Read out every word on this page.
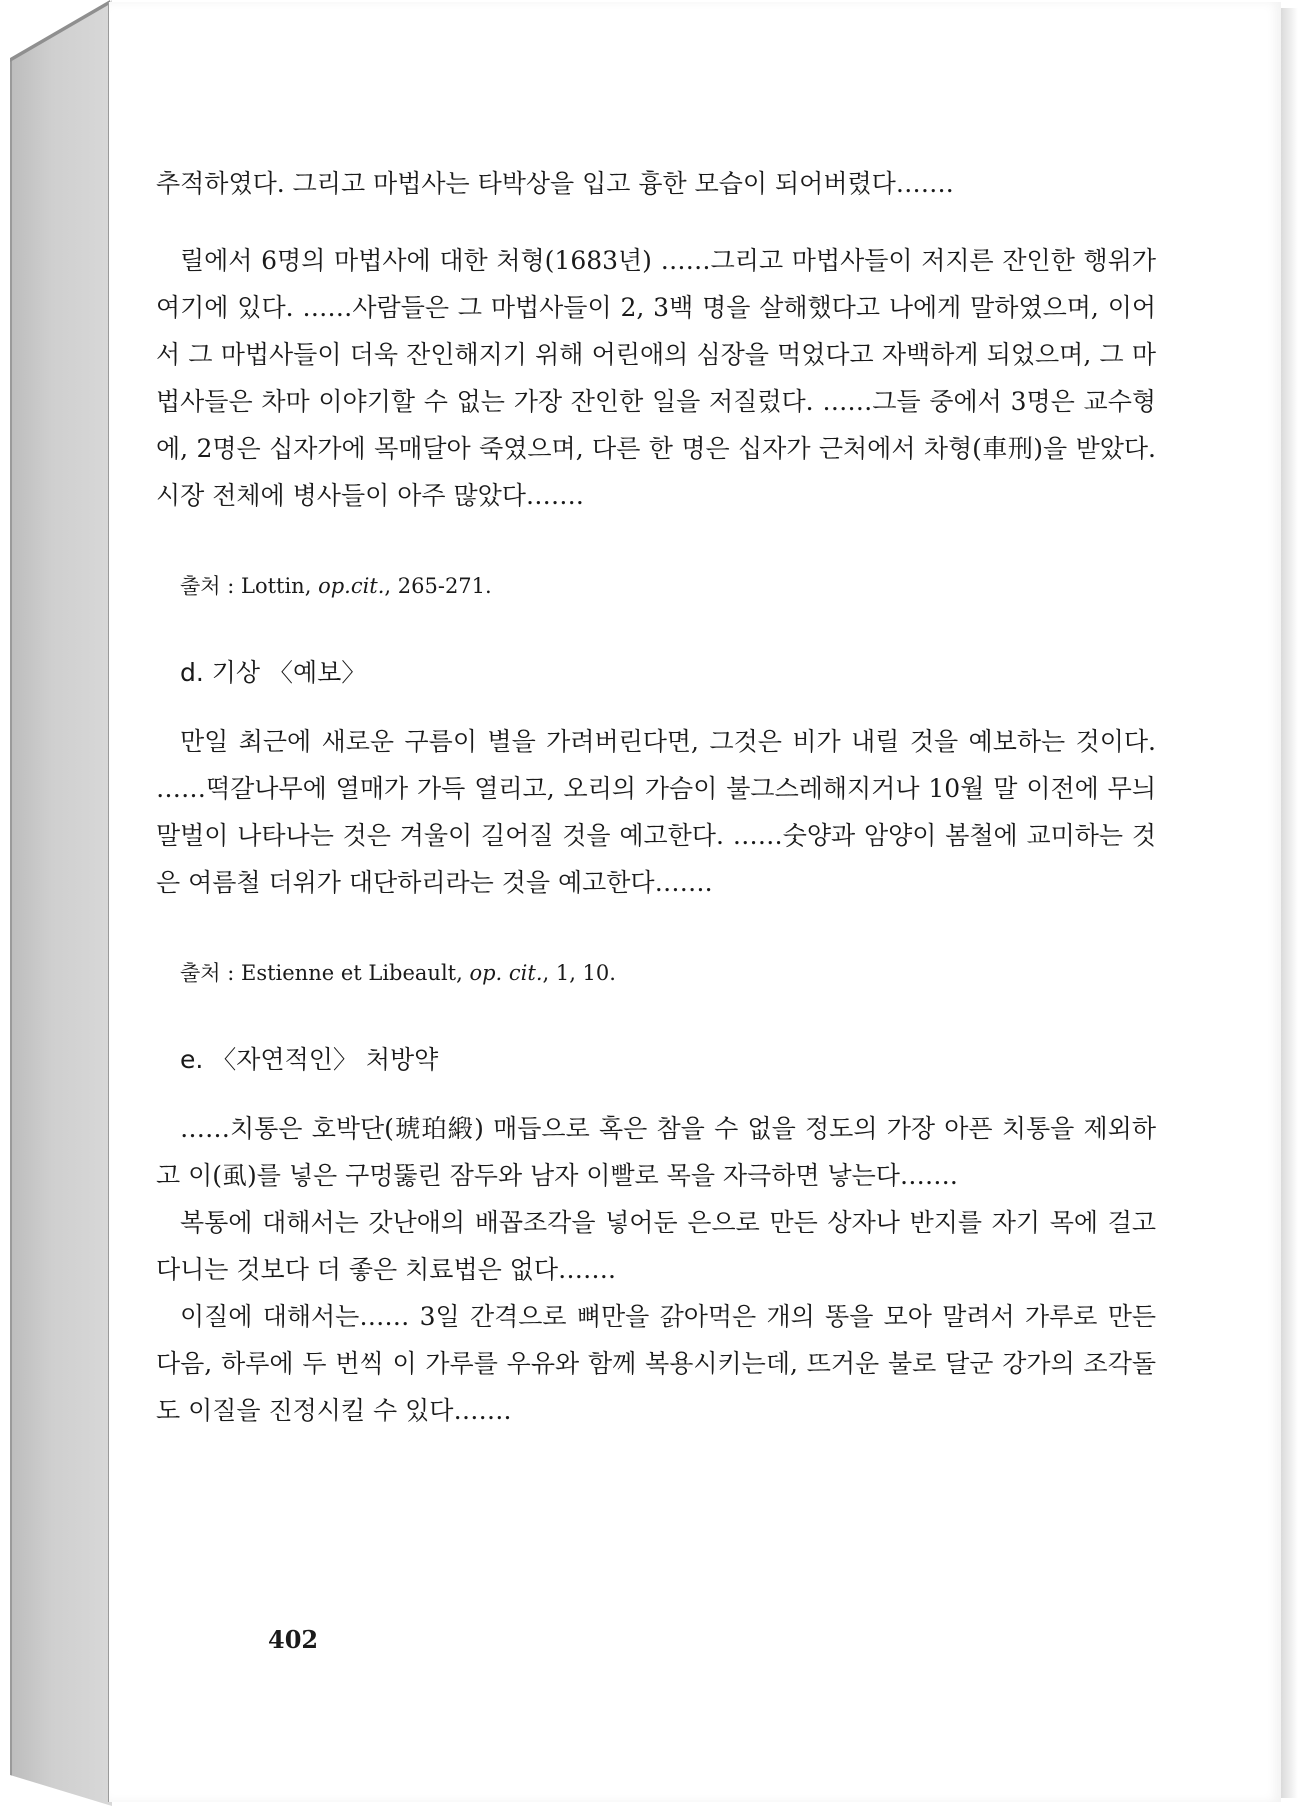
추적하였다. 그리고 마법사는 타박상을 입고 흉한 모습이 되어버렸다…….

릴에서 6명의 마법사에 대한 처형(1683년) ……그리고 마법사들이 저지른 잔인한 행위가 여기에 있다. ……사람들은 그 마법사들이 2, 3백 명을 살해했다고 나에게 말하였으며, 이어서 그 마법사들이 더욱 잔인해지기 위해 어린애의 심장을 먹었다고 자백하게 되었으며, 그 마법사들은 차마 이야기할 수 없는 가장 잔인한 일을 저질렀다. ……그들 중에서 3명은 교수형에, 2명은 십자가에 목매달아 죽였으며, 다른 한 명은 십자가 근처에서 차형(車刑)을 받았다. 시장 전체에 병사들이 아주 많았다…….

출처 : Lottin, op.cit., 265-271.

d. 기상 〈예보〉

만일 최근에 새로운 구름이 별을 가려버린다면, 그것은 비가 내릴 것을 예보하는 것이다. ……떡갈나무에 열매가 가득 열리고, 오리의 가슴이 불그스레해지거나 10월 말 이전에 무늬말벌이 나타나는 것은 겨울이 길어질 것을 예고한다. ……숫양과 암양이 봄철에 교미하는 것은 여름철 더위가 대단하리라는 것을 예고한다…….

출처 : Estienne et Libeault, op. cit., 1, 10.

e. 〈자연적인〉 처방약

……치통은 호박단(琥珀緞) 매듭으로 혹은 참을 수 없을 정도의 가장 아픈 치통을 제외하고 이(虱)를 넣은 구멍뚫린 잠두와 남자 이빨로 목을 자극하면 낳는다…….

복통에 대해서는 갓난애의 배꼽조각을 넣어둔 은으로 만든 상자나 반지를 자기 목에 걸고 다니는 것보다 더 좋은 치료법은 없다…….

이질에 대해서는…… 3일 간격으로 뼈만을 갉아먹은 개의 똥을 모아 말려서 가루로 만든 다음, 하루에 두 번씩 이 가루를 우유와 함께 복용시키는데, 뜨거운 불로 달군 강가의 조각돌도 이질을 진정시킬 수 있다…….

402
